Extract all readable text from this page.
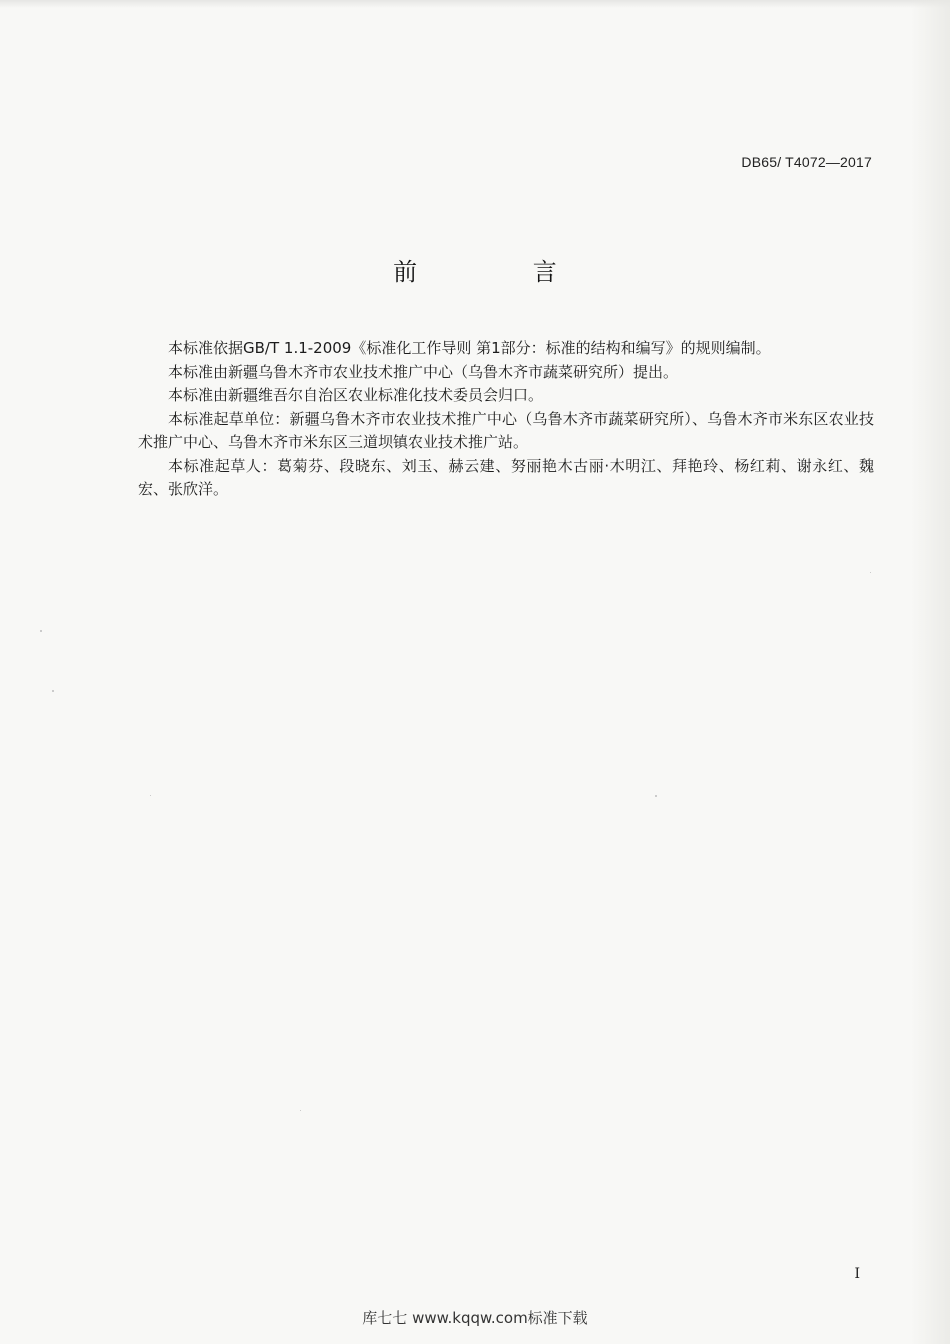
DB65/ T4072—2017
前 言

本标准依据GB/T 1.1-2009《标准化工作导则 第1部分：标准的结构和编写》的规则编制。

本标准由新疆乌鲁木齐市农业技术推广中心（乌鲁木齐市蔬菜研究所）提出。

本标准由新疆维吾尔自治区农业标准化技术委员会归口。

本标准起草单位：新疆乌鲁木齐市农业技术推广中心（乌鲁木齐市蔬菜研究所）、乌鲁木齐市米东区农业技术推广中心、乌鲁木齐市米东区三道坝镇农业技术推广站。

本标准起草人：葛菊芬、段晓东、刘玉、赫云建、努丽艳木古丽·木明江、拜艳玲、杨红莉、谢永红、魏宏、张欣洋。

I
库七七 www.kqqw.com标准下载
